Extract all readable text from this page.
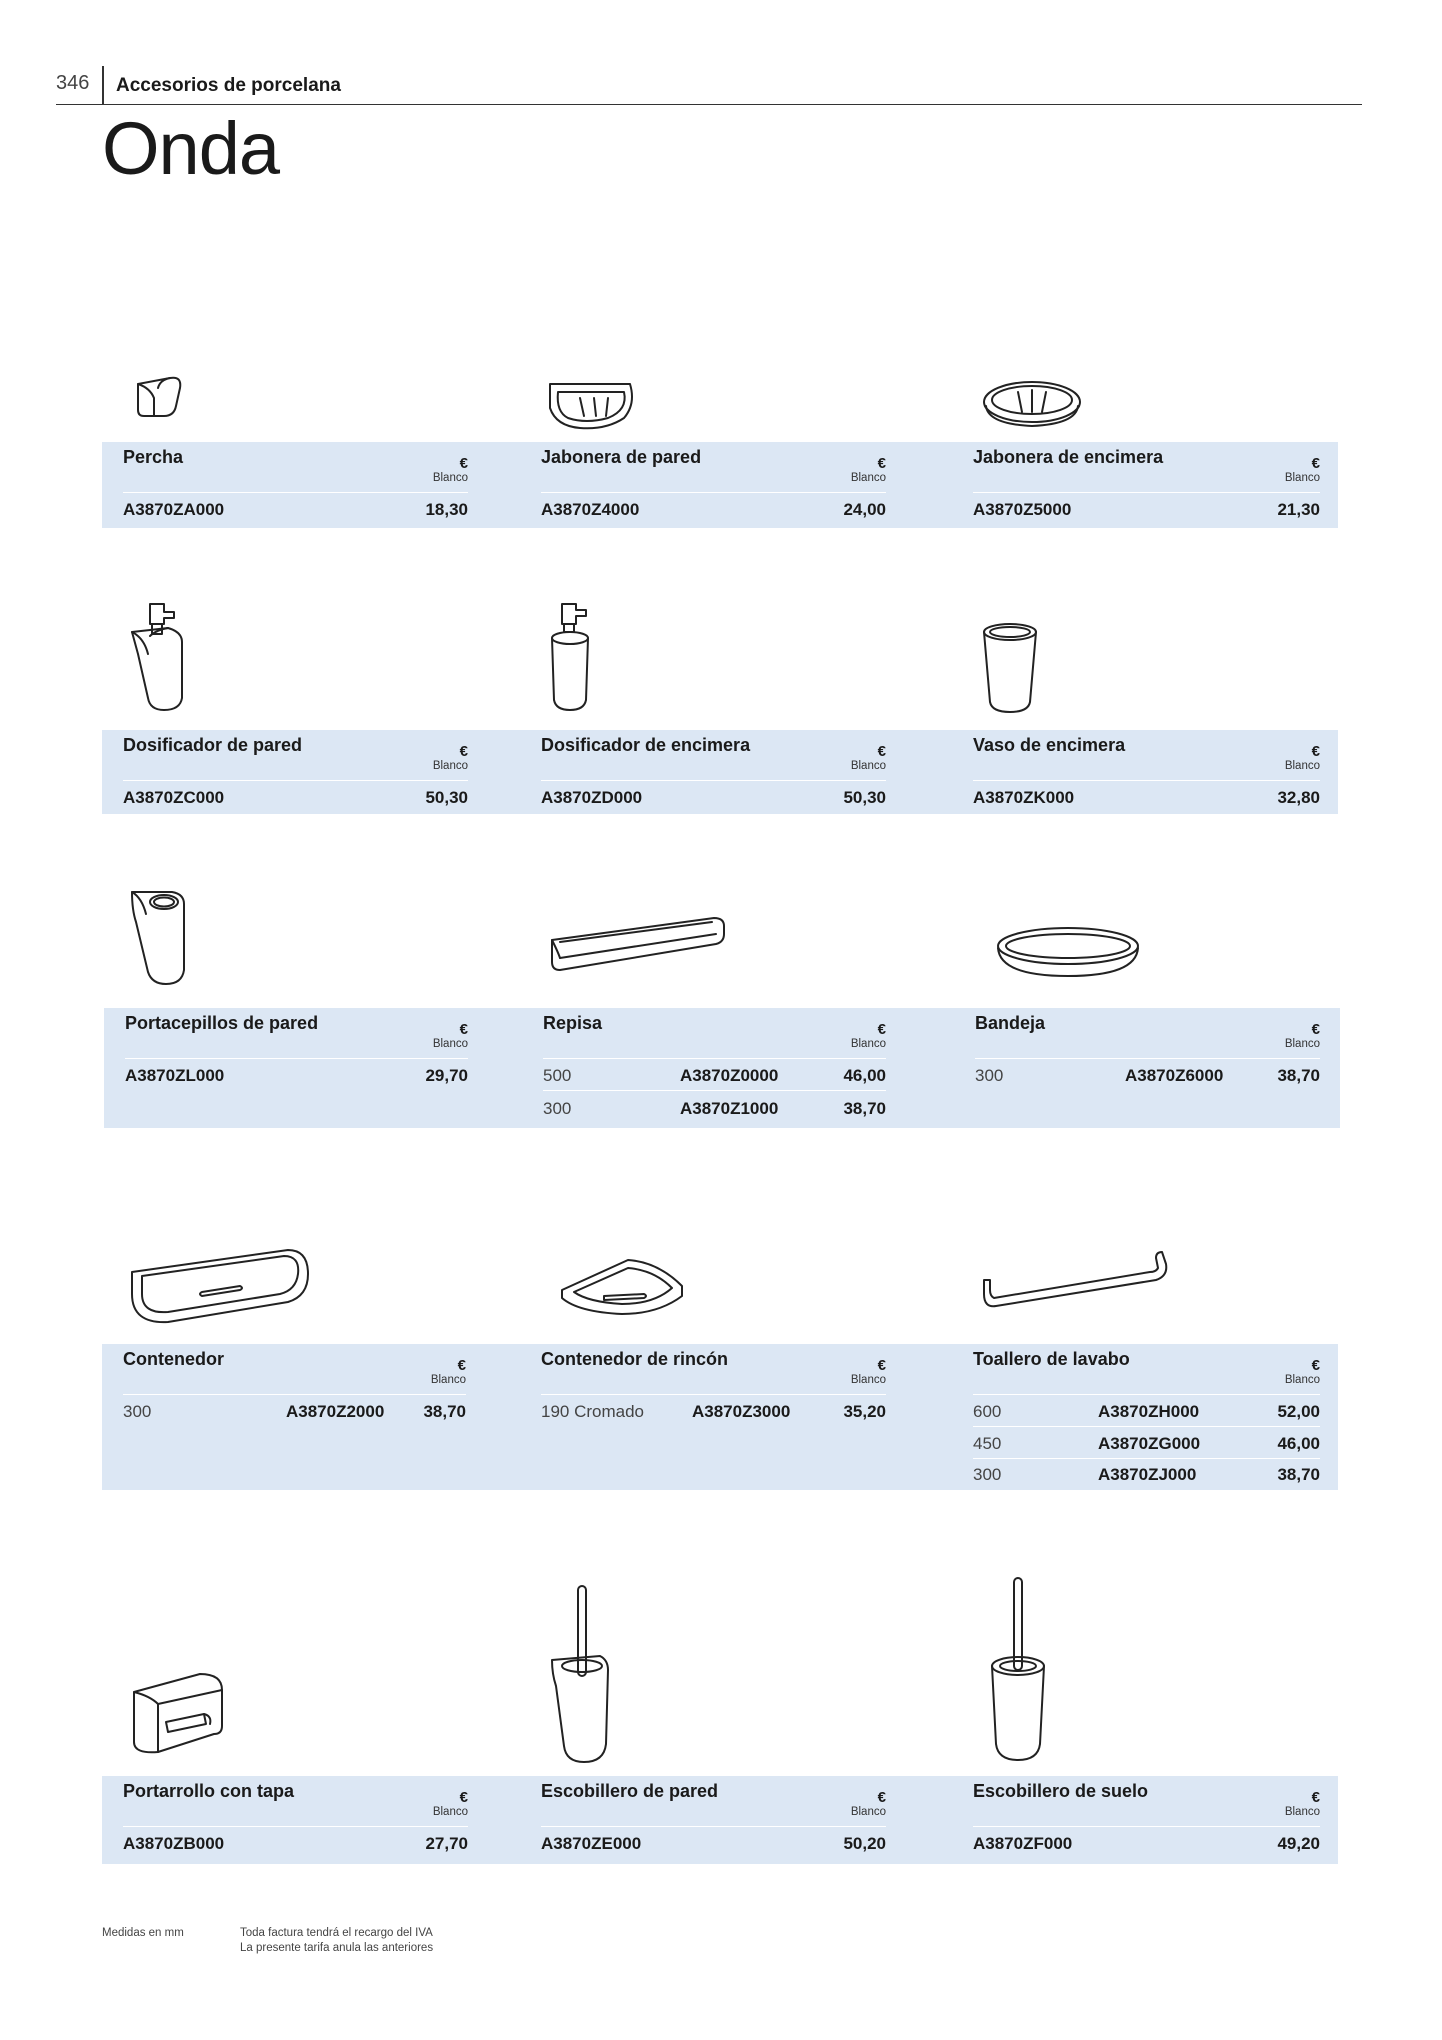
346 Accesorios de porcelana
Onda
Percha	€
Blanco
A3870ZA000	18,30
Jabonera de pared	€
Blanco
A3870Z4000	24,00
Jabonera de encimera	€
Blanco
A3870Z5000	21,30
Dosificador de pared	€
Blanco
A3870ZC000	50,30
Dosificador de encimera	€
Blanco
A3870ZD000	50,30
Vaso de encimera	€
Blanco
A3870ZK000	32,80
Portacepillos de pared	€
Blanco
A3870ZL000	29,70
Repisa	€
Blanco
500	A3870Z0000	46,00
300	A3870Z1000	38,70
Bandeja	€
Blanco
300	A3870Z6000	38,70
Contenedor	€
Blanco
300	A3870Z2000 38,70
Contenedor de rincón	€
Blanco
190 Cromado	A3870Z3000	35,20
Toallero de lavabo	€
Blanco
600	A3870ZH000	52,00
450	A3870ZG000	46,00
300	A3870ZJ000	38,70
Portarrollo con tapa	€
Blanco
A3870ZB000	27,70
Escobillero de pared	€
Blanco
A3870ZE000	50,20
Escobillero de suelo	€
Blanco
A3870ZF000	49,20
Medidas en mm	Toda factura tendrá el recargo del IVA
La presente tarifa anula las anteriores
